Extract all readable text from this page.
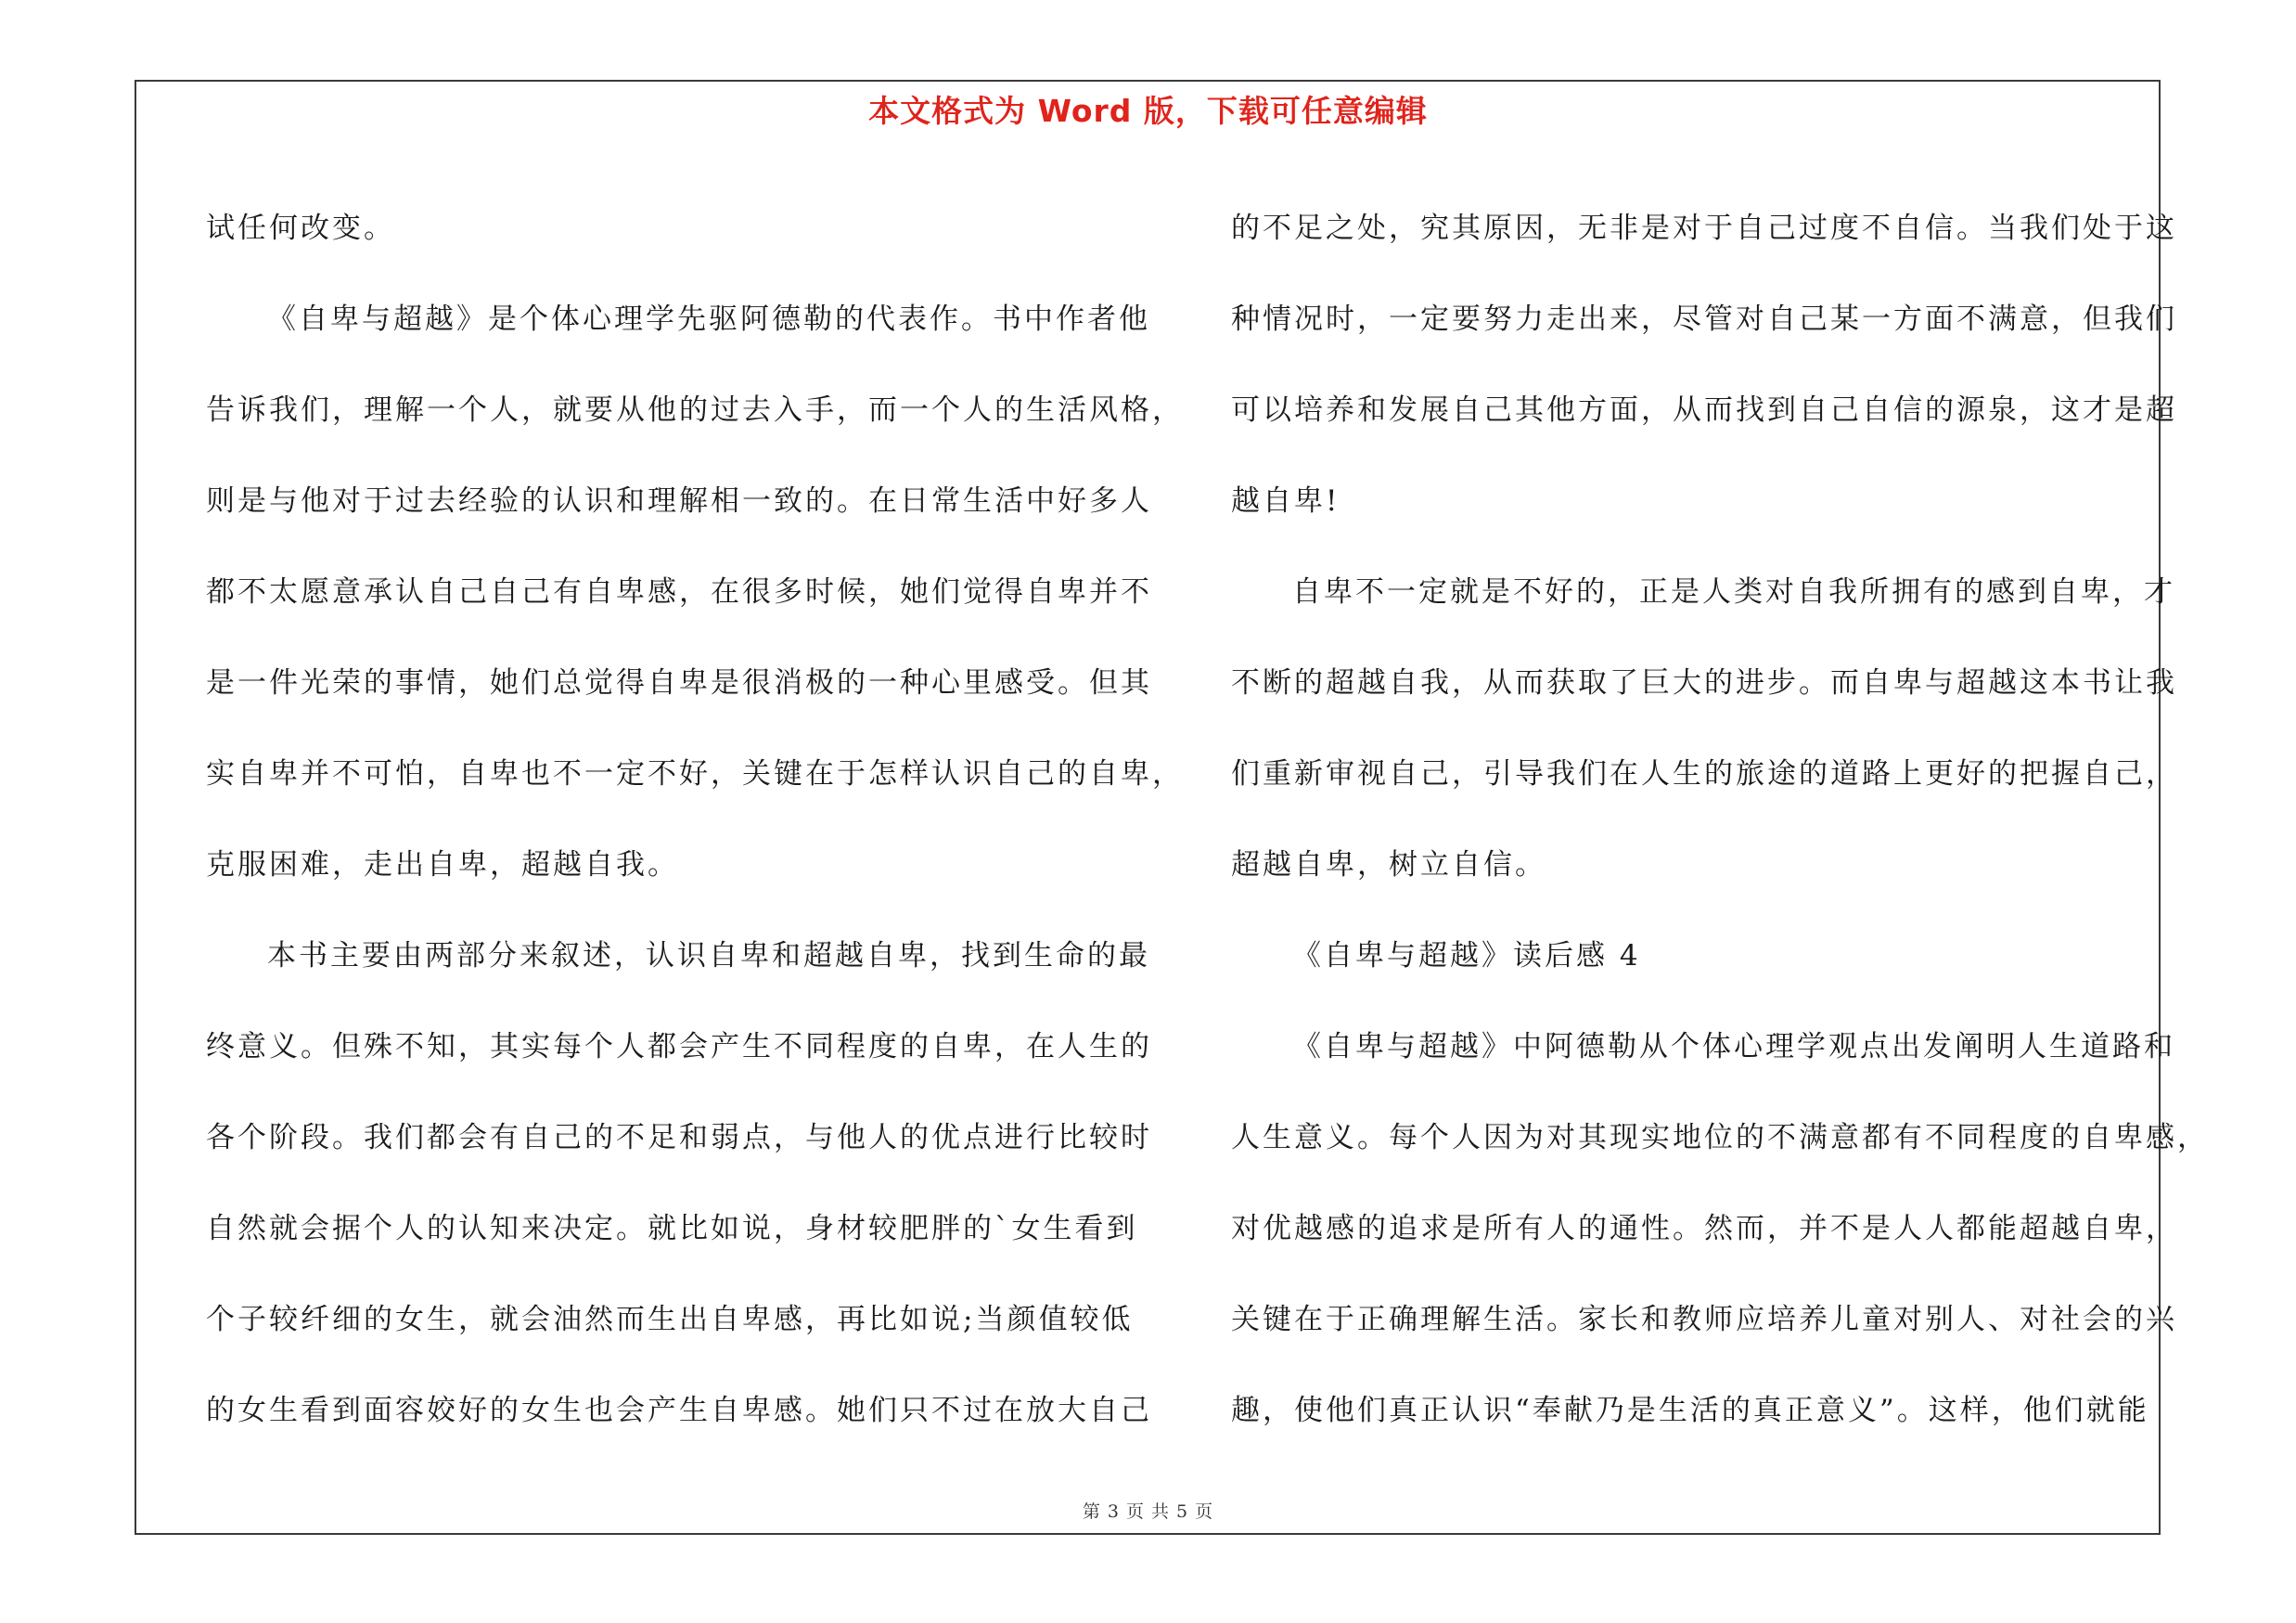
本文格式为 Word 版，下载可任意编辑
试任何改变。
《自卑与超越》是个体心理学先驱阿德勒的代表作。书中作者他
告诉我们，理解一个人，就要从他的过去入手，而一个人的生活风格，
则是与他对于过去经验的认识和理解相一致的。在日常生活中好多人
都不太愿意承认自己自己有自卑感，在很多时候，她们觉得自卑并不
是一件光荣的事情，她们总觉得自卑是很消极的一种心里感受。但其
实自卑并不可怕，自卑也不一定不好，关键在于怎样认识自己的自卑，
克服困难，走出自卑，超越自我。
本书主要由两部分来叙述，认识自卑和超越自卑，找到生命的最
终意义。但殊不知，其实每个人都会产生不同程度的自卑，在人生的
各个阶段。我们都会有自己的不足和弱点，与他人的优点进行比较时
自然就会据个人的认知来决定。就比如说，身材较肥胖的`女生看到
个子较纤细的女生，就会油然而生出自卑感，再比如说;当颜值较低
的女生看到面容姣好的女生也会产生自卑感。她们只不过在放大自己
的不足之处，究其原因，无非是对于自己过度不自信。当我们处于这
种情况时，一定要努力走出来，尽管对自己某一方面不满意，但我们
可以培养和发展自己其他方面，从而找到自己自信的源泉，这才是超
越自卑!
自卑不一定就是不好的，正是人类对自我所拥有的感到自卑，才
不断的超越自我，从而获取了巨大的进步。而自卑与超越这本书让我
们重新审视自己，引导我们在人生的旅途的道路上更好的把握自己，
超越自卑，树立自信。
《自卑与超越》读后感 4
《自卑与超越》中阿德勒从个体心理学观点出发阐明人生道路和
人生意义。每个人因为对其现实地位的不满意都有不同程度的自卑感，
对优越感的追求是所有人的通性。然而，并不是人人都能超越自卑，
关键在于正确理解生活。家长和教师应培养儿童对别人、对社会的兴
趣，使他们真正认识“奉献乃是生活的真正意义”。这样，他们就能
第 3 页 共 5 页
